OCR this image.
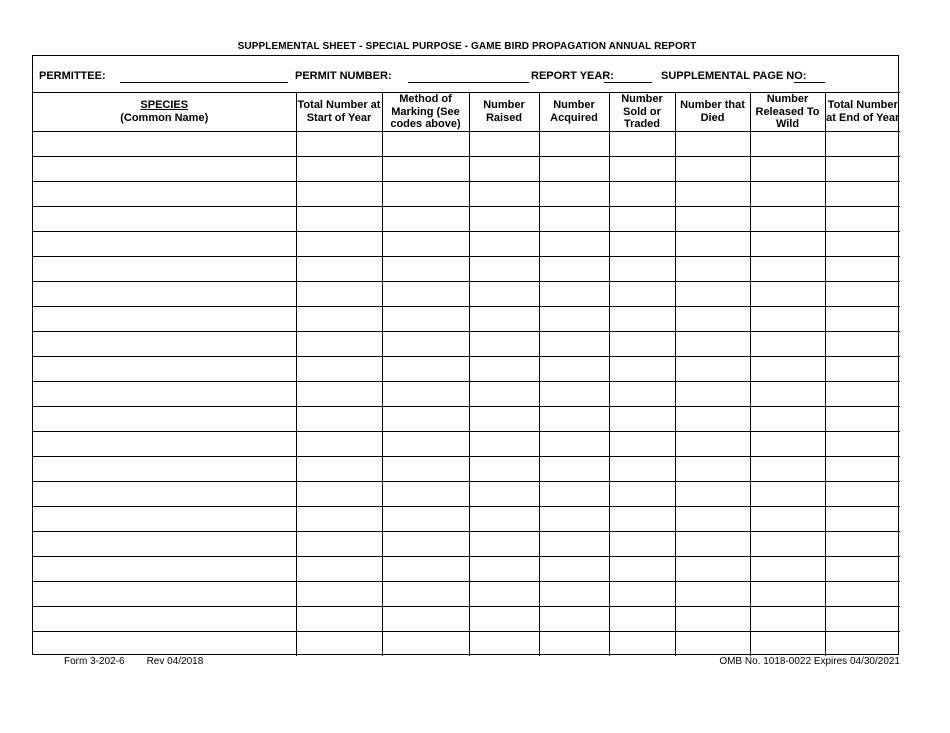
SUPPLEMENTAL SHEET - SPECIAL PURPOSE - GAME BIRD PROPAGATION ANNUAL REPORT
PERMITTEE:	PERMIT NUMBER:	REPORT YEAR:	SUPPLEMENTAL PAGE NO:
SPECIES
(Common Name)	Total Number at Start of Year	Method of Marking (See codes above)	Number Raised	Number Acquired	Number Sold or Traded	Number that Died	Number Released To Wild	Total Number at End of Year

Form 3-202-6 Rev 04/2018	OMB No. 1018-0022 Expires 04/30/2021
